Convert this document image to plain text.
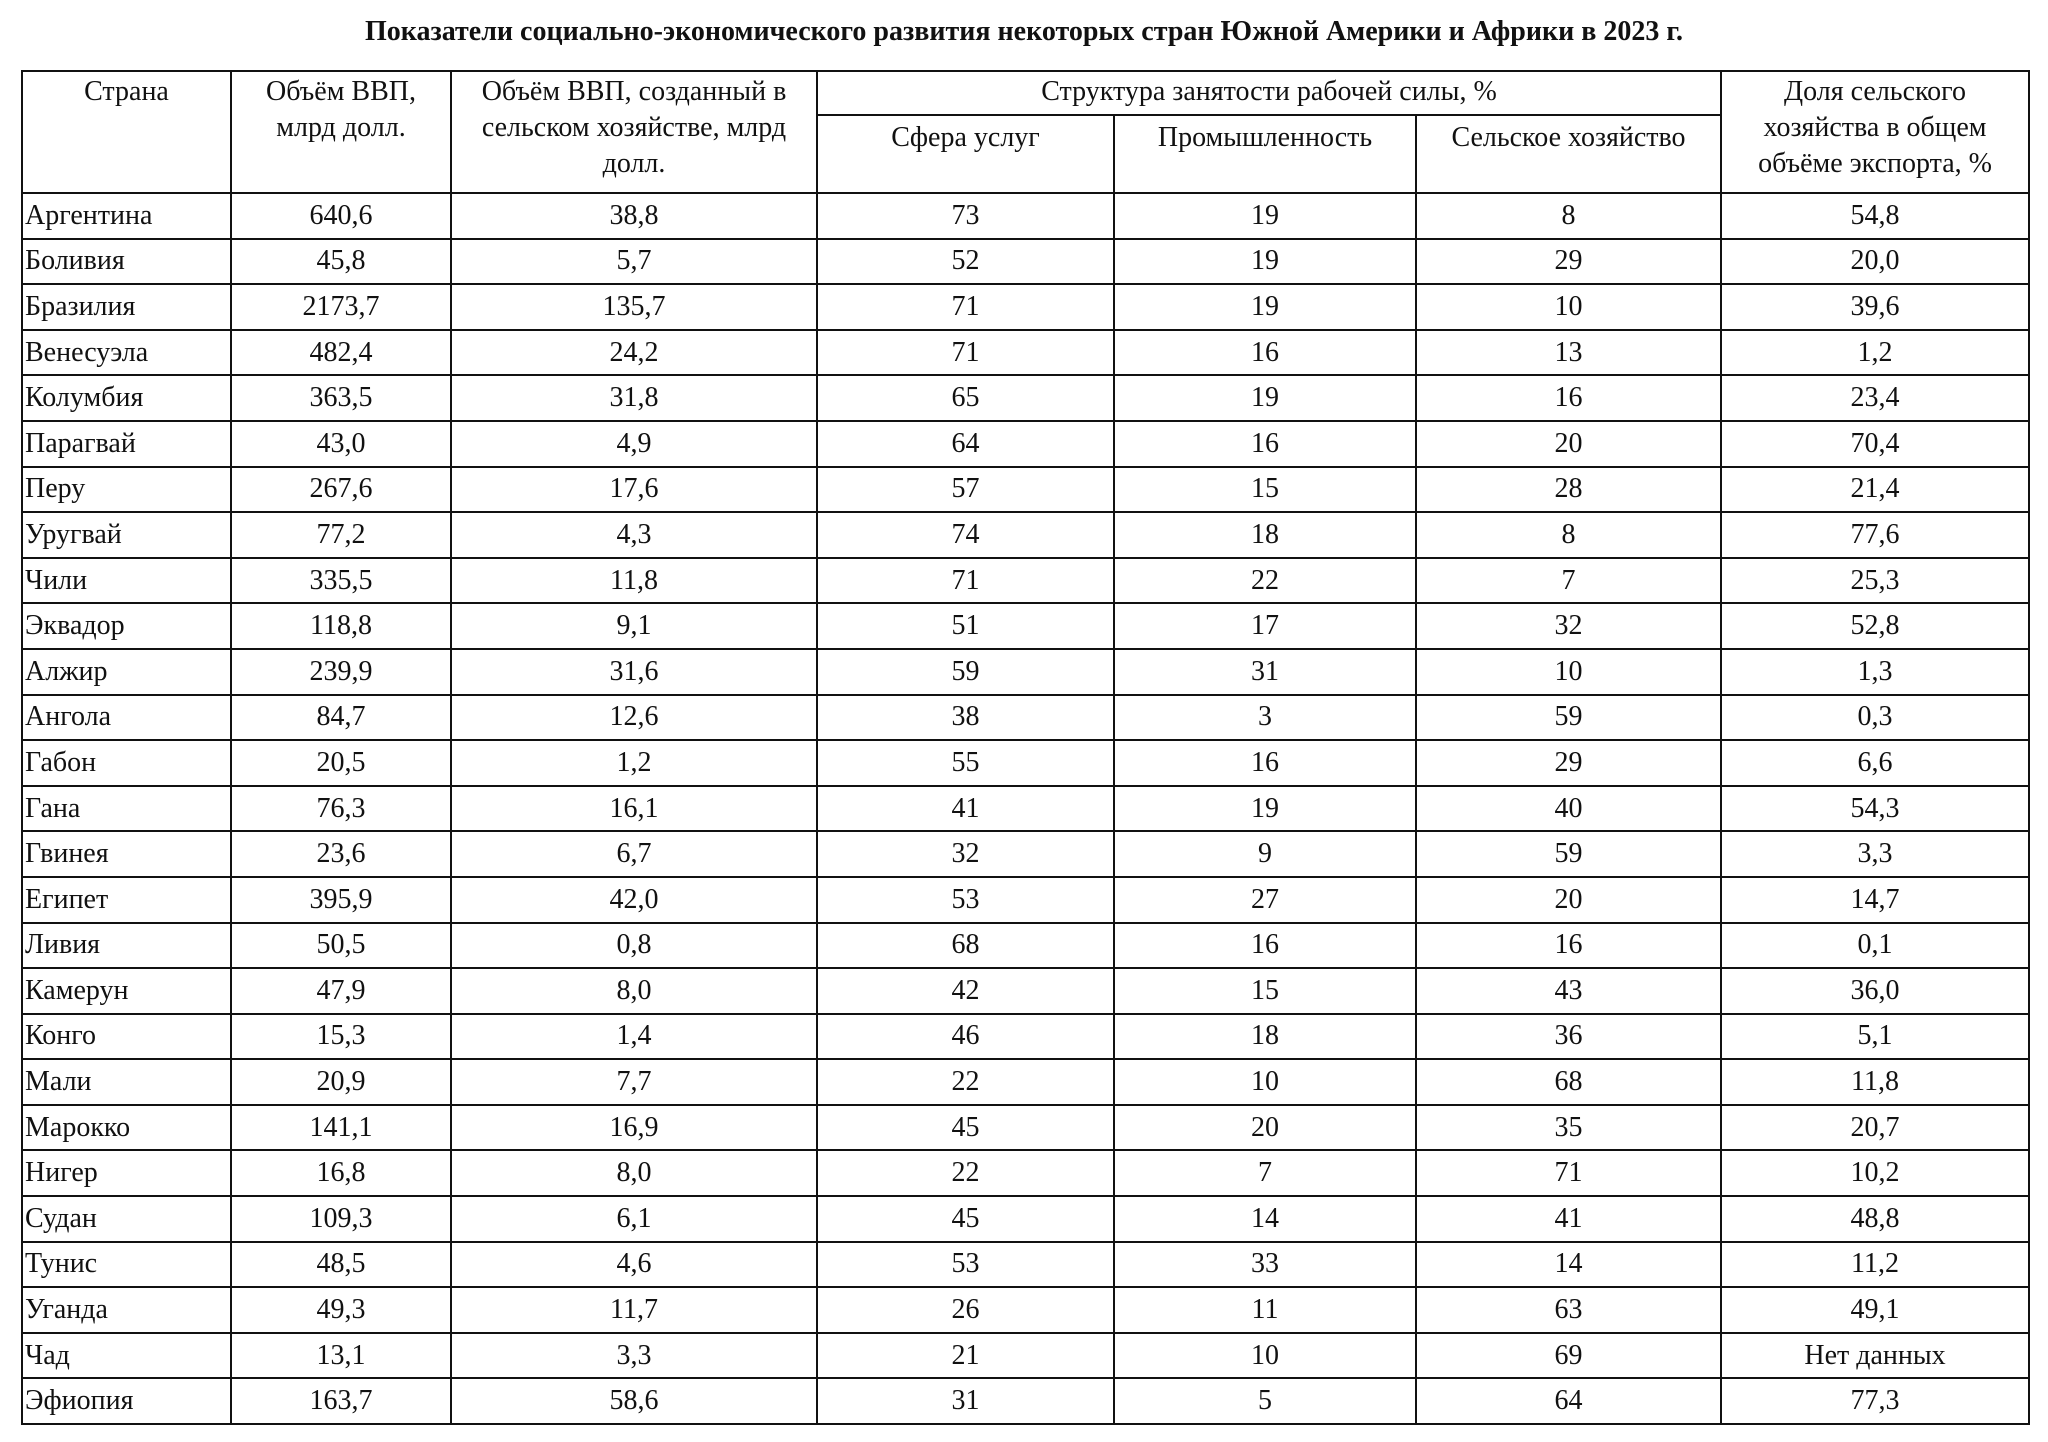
Показатели социально-экономического развития некоторых стран Южной Америки и Африки в 2023 г.
Страна	Объём ВВП, млрд долл.	Объём ВВП, созданный в сельском хозяйстве, млрд долл.	Структура занятости рабочей силы, %			Доля сельского хозяйства в общем объёме экспорта, %
			Сфера услуг	Промышленность	Сельское хозяйство	
Аргентина	640,6	38,8	73	19	8	54,8
Боливия	45,8	5,7	52	19	29	20,0
Бразилия	2173,7	135,7	71	19	10	39,6
Венесуэла	482,4	24,2	71	16	13	1,2
Колумбия	363,5	31,8	65	19	16	23,4
Парагвай	43,0	4,9	64	16	20	70,4
Перу	267,6	17,6	57	15	28	21,4
Уругвай	77,2	4,3	74	18	8	77,6
Чили	335,5	11,8	71	22	7	25,3
Эквадор	118,8	9,1	51	17	32	52,8
Алжир	239,9	31,6	59	31	10	1,3
Ангола	84,7	12,6	38	3	59	0,3
Габон	20,5	1,2	55	16	29	6,6
Гана	76,3	16,1	41	19	40	54,3
Гвинея	23,6	6,7	32	9	59	3,3
Египет	395,9	42,0	53	27	20	14,7
Ливия	50,5	0,8	68	16	16	0,1
Камерун	47,9	8,0	42	15	43	36,0
Конго	15,3	1,4	46	18	36	5,1
Мали	20,9	7,7	22	10	68	11,8
Марокко	141,1	16,9	45	20	35	20,7
Нигер	16,8	8,0	22	7	71	10,2
Судан	109,3	6,1	45	14	41	48,8
Тунис	48,5	4,6	53	33	14	11,2
Уганда	49,3	11,7	26	11	63	49,1
Чад	13,1	3,3	21	10	69	Нет данных
Эфиопия	163,7	58,6	31	5	64	77,3
